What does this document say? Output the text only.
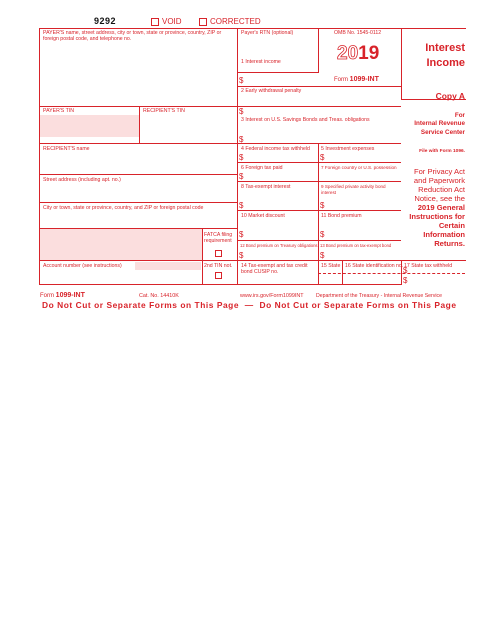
9292	VOID	CORRECTED
PAYER'S name, street address, city or town, state or province, country, ZIP or foreign postal code, and telephone no.
PAYER'S TIN	RECIPIENT'S TIN
RECIPIENT'S name
Street address (including apt. no.)
City or town, state or province, country, and ZIP or foreign postal code
FATCA filing requirement
Account number (see instructions)	2nd TIN not.
Payer's RTN (optional)	OMB No. 1545-0112
2019
Form 1099-INT
1 Interest income
$
2 Early withdrawal penalty
$
3 Interest on U.S. Savings Bonds and Treas. obligations
$
4 Federal income tax withheld
$
5 Investment expenses
$
6 Foreign tax paid
$
7 Foreign country or U.S. possession
8 Tax-exempt interest
$
9 Specified private activity bond interest
$
10 Market discount
$
11 Bond premium
$
12 Bond premium on Treasury obligations
$
13 Bond premium on tax-exempt bond
$
14 Tax-exempt and tax credit bond CUSIP no.
15 State 16 State identification no. 17 State tax withheld
$
$
Interest
Income
Copy A
For
Internal Revenue
Service Center
File with Form 1096.
For Privacy Act
and Paperwork
Reduction Act
Notice, see the
2019 General
Instructions for
Certain
Information
Returns.
Form 1099-INT	Cat. No. 14410K	www.irs.gov/Form1099INT Department of the Treasury - Internal Revenue Service
Do Not Cut or Separate Forms on This Page  —  Do Not Cut or Separate Forms on This Page
